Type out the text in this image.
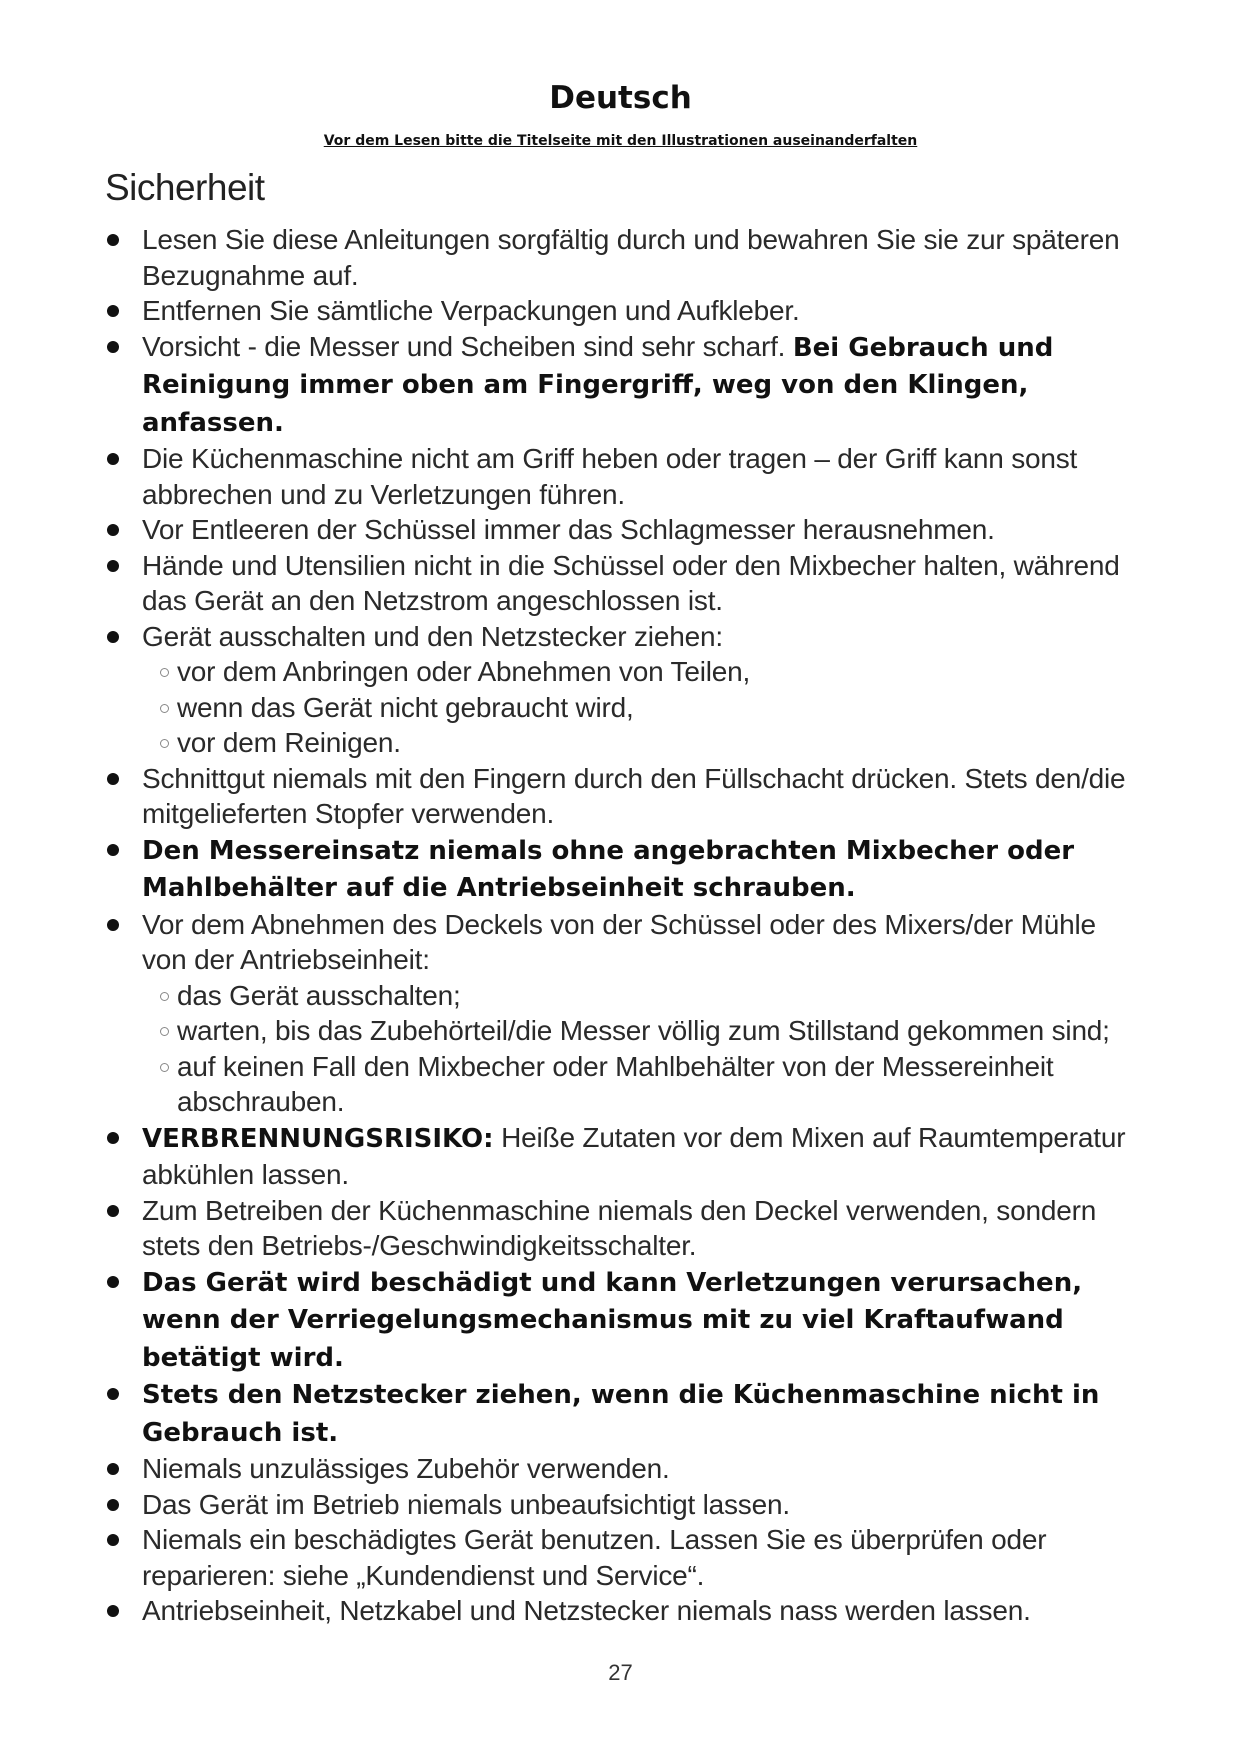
Deutsch
Vor dem Lesen bitte die Titelseite mit den Illustrationen auseinanderfalten
Sicherheit
Lesen Sie diese Anleitungen sorgfältig durch und bewahren Sie sie zur späteren Bezugnahme auf.
Entfernen Sie sämtliche Verpackungen und Aufkleber.
Vorsicht - die Messer und Scheiben sind sehr scharf. Bei Gebrauch und Reinigung immer oben am Fingergriff, weg von den Klingen, anfassen.
Die Küchenmaschine nicht am Griff heben oder tragen – der Griff kann sonst abbrechen und zu Verletzungen führen.
Vor Entleeren der Schüssel immer das Schlagmesser herausnehmen.
Hände und Utensilien nicht in die Schüssel oder den Mixbecher halten, während das Gerät an den Netzstrom angeschlossen ist.
Gerät ausschalten und den Netzstecker ziehen:
vor dem Anbringen oder Abnehmen von Teilen,
wenn das Gerät nicht gebraucht wird,
vor dem Reinigen.
Schnittgut niemals mit den Fingern durch den Füllschacht drücken. Stets den/die mitgelieferten Stopfer verwenden.
Den Messereinsatz niemals ohne angebrachten Mixbecher oder Mahlbehälter auf die Antriebseinheit schrauben.
Vor dem Abnehmen des Deckels von der Schüssel oder des Mixers/der Mühle von der Antriebseinheit:
das Gerät ausschalten;
warten, bis das Zubehörteil/die Messer völlig zum Stillstand gekommen sind;
auf keinen Fall den Mixbecher oder Mahlbehälter von der Messereinheit abschrauben.
VERBRENNUNGSRISIKO: Heiße Zutaten vor dem Mixen auf Raumtemperatur abkühlen lassen.
Zum Betreiben der Küchenmaschine niemals den Deckel verwenden, sondern stets den Betriebs-/Geschwindigkeitsschalter.
Das Gerät wird beschädigt und kann Verletzungen verursachen, wenn der Verriegelungsmechanismus mit zu viel Kraftaufwand betätigt wird.
Stets den Netzstecker ziehen, wenn die Küchenmaschine nicht in Gebrauch ist.
Niemals unzulässiges Zubehör verwenden.
Das Gerät im Betrieb niemals unbeaufsichtigt lassen.
Niemals ein beschädigtes Gerät benutzen. Lassen Sie es überprüfen oder reparieren: siehe „Kundendienst und Service“.
Antriebseinheit, Netzkabel und Netzstecker niemals nass werden lassen.
27
